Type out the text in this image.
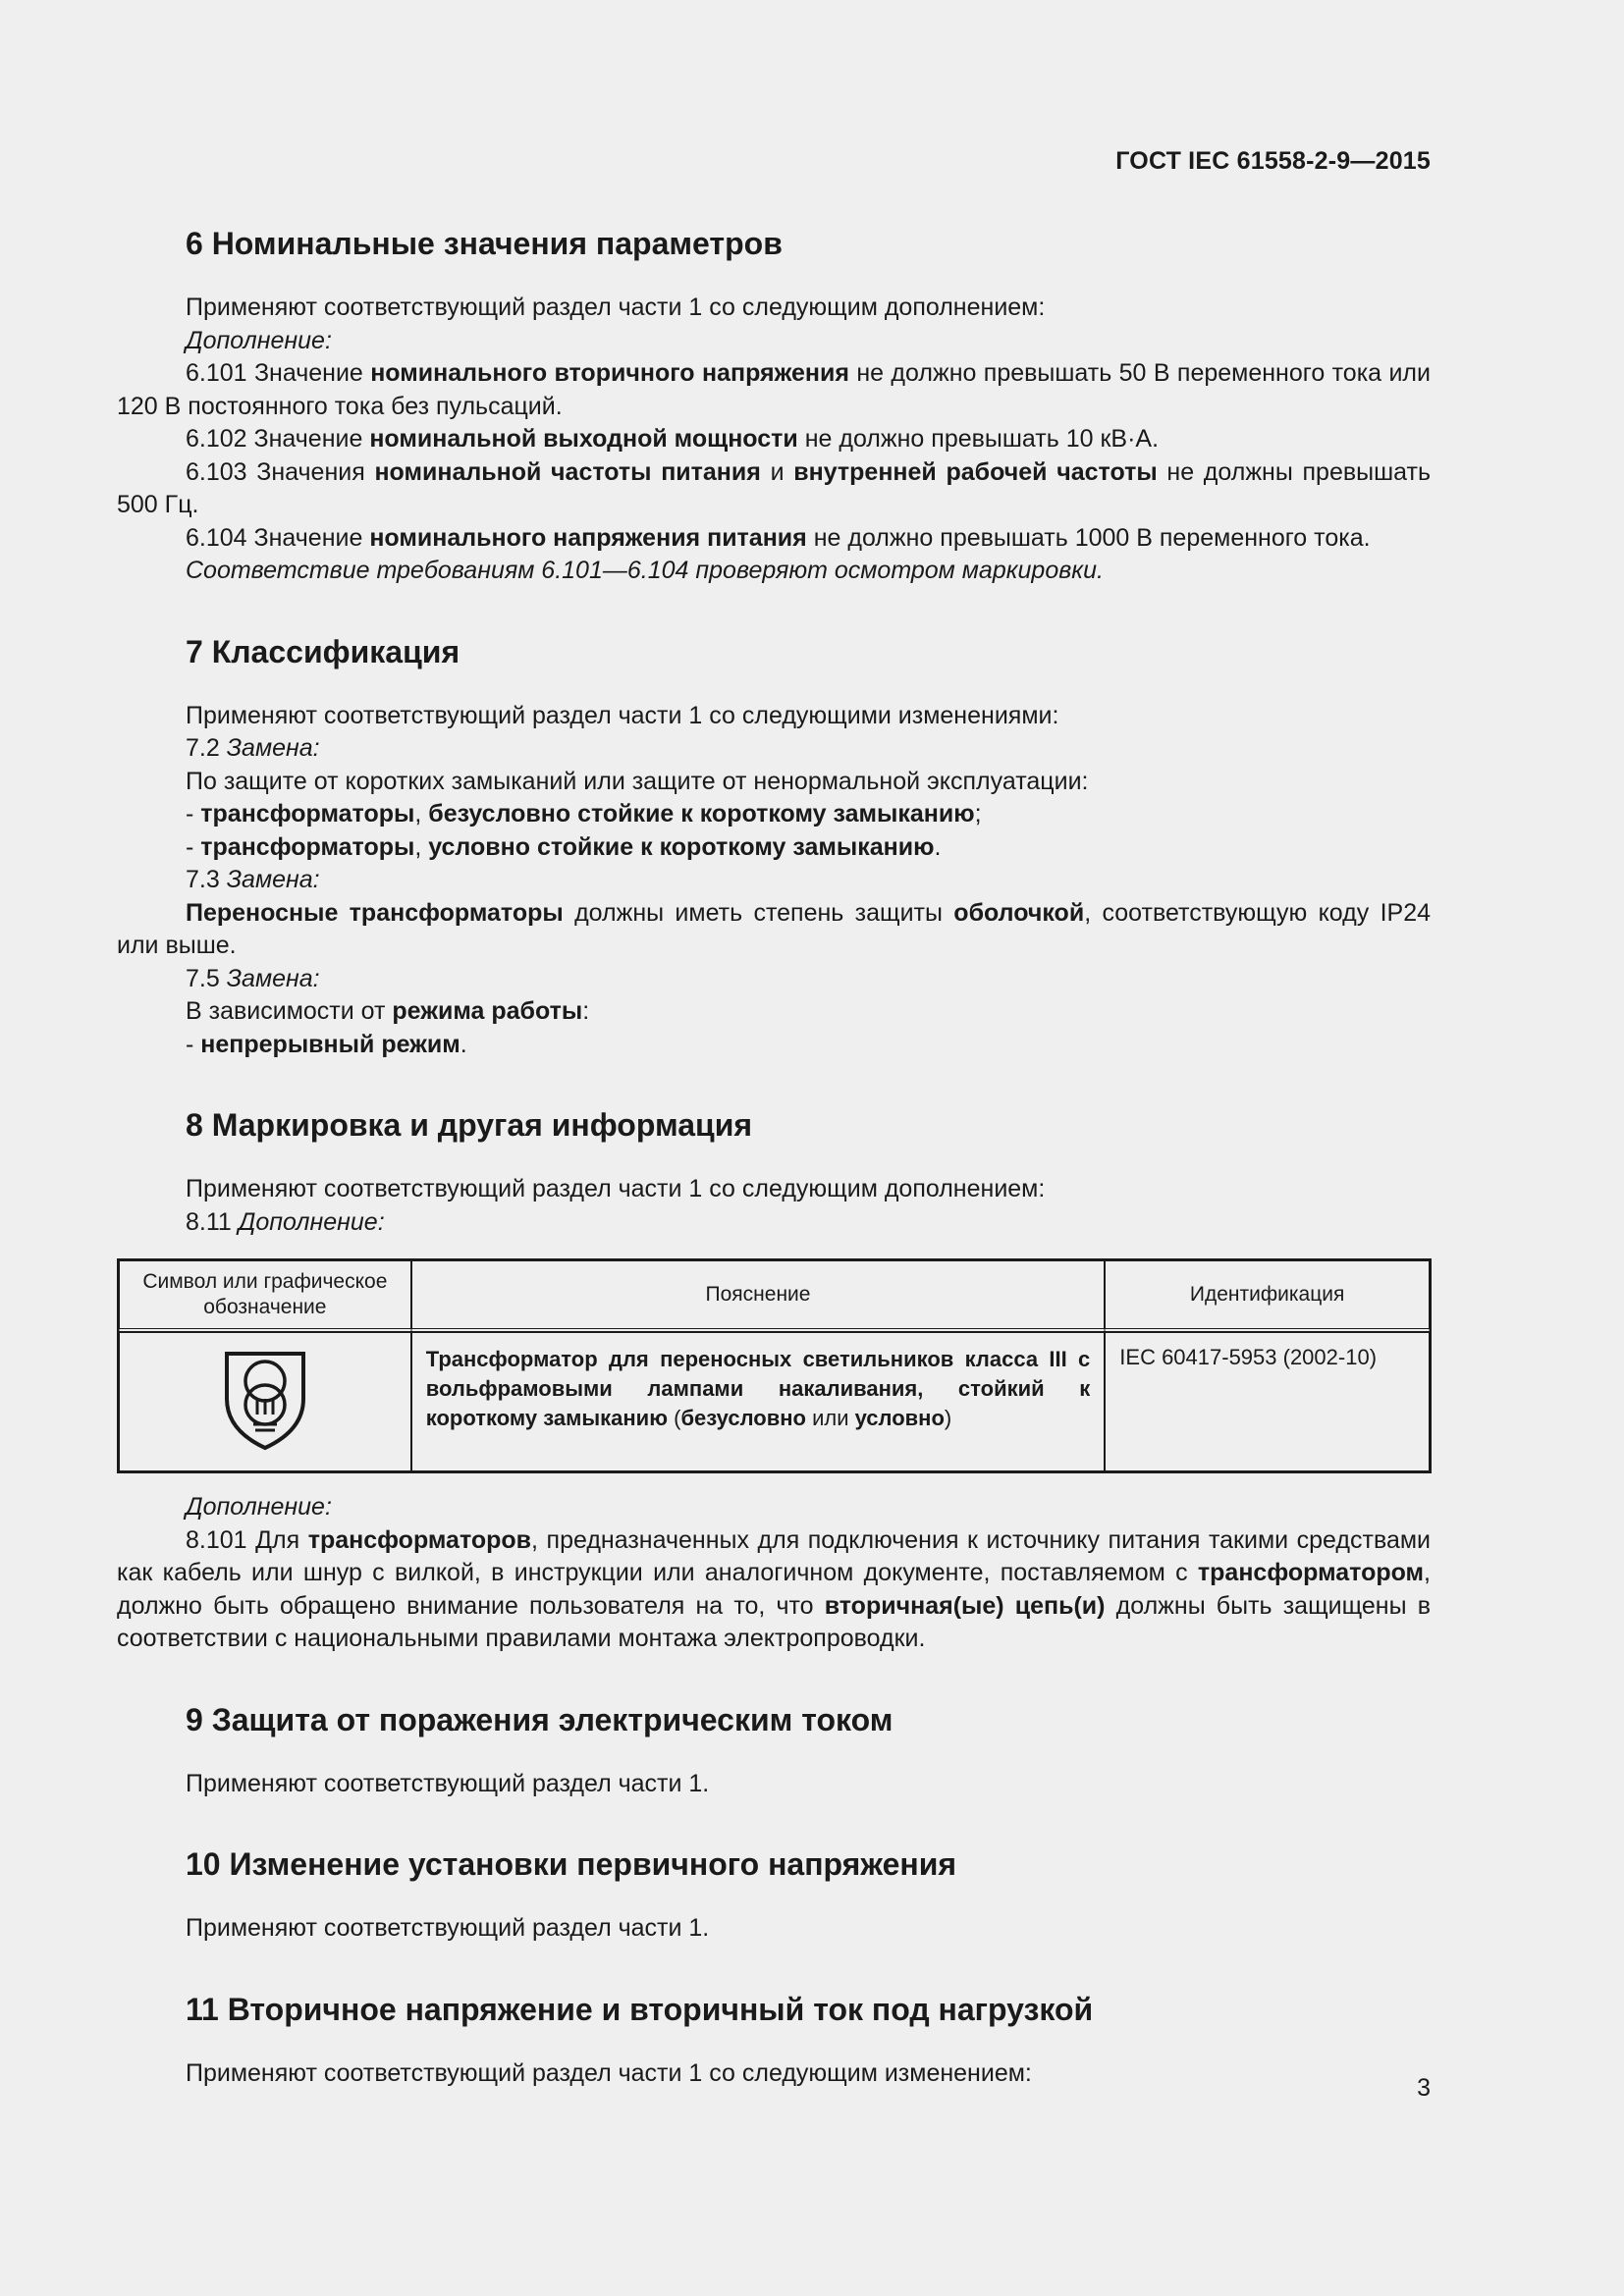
ГОСТ IEC 61558-2-9—2015
6 Номинальные значения параметров

Применяют соответствующий раздел части 1 со следующим дополнением:

Дополнение:

6.101 Значение номинального вторичного напряжения не должно превышать 50 В переменного тока или 120 В постоянного тока без пульсаций.

6.102 Значение номинальной выходной мощности не должно превышать 10 кВ·А.

6.103 Значения номинальной частоты питания и внутренней рабочей частоты не должны превышать 500 Гц.

6.104 Значение номинального напряжения питания не должно превышать 1000 В переменного тока.

Соответствие требованиям 6.101—6.104 проверяют осмотром маркировки.

7 Классификация

Применяют соответствующий раздел части 1 со следующими изменениями:

7.2 Замена:

По защите от коротких замыканий или защите от ненормальной эксплуатации:

- трансформаторы, безусловно стойкие к короткому замыканию;

- трансформаторы, условно стойкие к короткому замыканию.

7.3 Замена:

Переносные трансформаторы должны иметь степень защиты оболочкой, соответствующую коду IP24 или выше.

7.5 Замена:

В зависимости от режима работы:

- непрерывный режим.

8 Маркировка и другая информация

Применяют соответствующий раздел части 1 со следующим дополнением:

8.11 Дополнение:

Символ или графическое обозначение	Пояснение	Идентификация
	Трансформатор для переносных светильников класса III с вольфрамовыми лампами накаливания, стойкий к короткому замыканию (безусловно или условно)	IEC 60417-5953 (2002-10)

Дополнение:

8.101 Для трансформаторов, предназначенных для подключения к источнику питания такими средствами как кабель или шнур с вилкой, в инструкции или аналогичном документе, поставляемом с трансформатором, должно быть обращено внимание пользователя на то, что вторичная(ые) цепь(и) должны быть защищены в соответствии с национальными правилами монтажа электропроводки.

9 Защита от поражения электрическим током

Применяют соответствующий раздел части 1.

10 Изменение установки первичного напряжения

Применяют соответствующий раздел части 1.

11 Вторичное напряжение и вторичный ток под нагрузкой

Применяют соответствующий раздел части 1 со следующим изменением:

3
